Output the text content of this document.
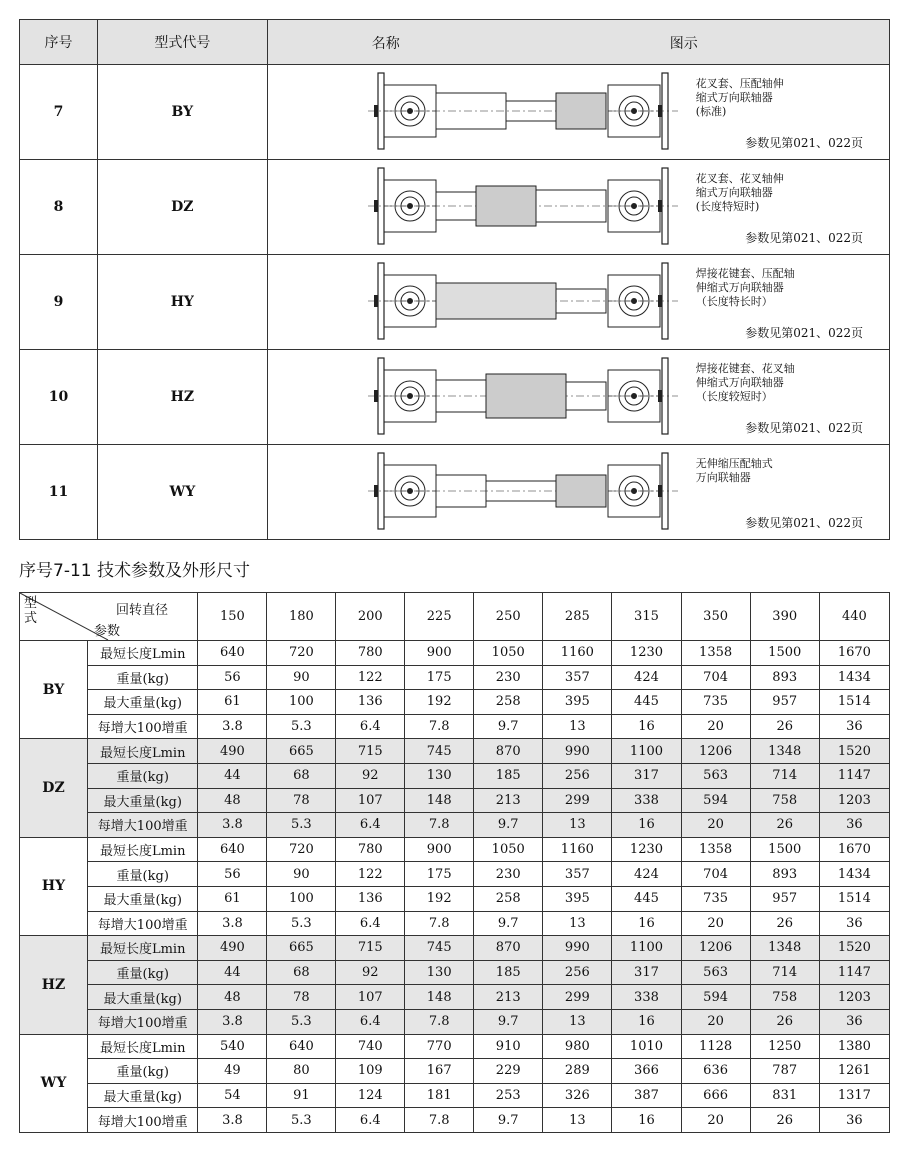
序号	型式代号	名称 图示

7	BY	花叉套、压配轴伸
缩式万向联轴器
(标准)
参数见第021、022页

8	DZ	花叉套、花叉轴伸
缩式万向联轴器
(长度特短时)
参数见第021、022页

9	HY	焊接花键套、压配轴
伸缩式万向联轴器
（长度特长时）
参数见第021、022页

10	HZ	焊接花键套、花叉轴
伸缩式万向联轴器
（长度较短时）
参数见第021、022页

11	WY	无伸缩压配轴式
万向联轴器
参数见第021、022页
序号7-11 技术参数及外形尺寸
型
式
回转直径
参数		150	180	200	225	250	285	315	350	390	440
BY	最短长度Lmin	640	720	780	900	1050	1160	1230	1358	1500	1670
	重量(kg)	56	90	122	175	230	357	424	704	893	1434
	最大重量(kg)	61	100	136	192	258	395	445	735	957	1514
	每增大100增重	3.8	5.3	6.4	7.8	9.7	13	16	20	26	36
DZ	最短长度Lmin	490	665	715	745	870	990	1100	1206	1348	1520
	重量(kg)	44	68	92	130	185	256	317	563	714	1147
	最大重量(kg)	48	78	107	148	213	299	338	594	758	1203
	每增大100增重	3.8	5.3	6.4	7.8	9.7	13	16	20	26	36
HY	最短长度Lmin	640	720	780	900	1050	1160	1230	1358	1500	1670
	重量(kg)	56	90	122	175	230	357	424	704	893	1434
	最大重量(kg)	61	100	136	192	258	395	445	735	957	1514
	每增大100增重	3.8	5.3	6.4	7.8	9.7	13	16	20	26	36
HZ	最短长度Lmin	490	665	715	745	870	990	1100	1206	1348	1520
	重量(kg)	44	68	92	130	185	256	317	563	714	1147
	最大重量(kg)	48	78	107	148	213	299	338	594	758	1203
	每增大100增重	3.8	5.3	6.4	7.8	9.7	13	16	20	26	36
WY	最短长度Lmin	540	640	740	770	910	980	1010	1128	1250	1380
	重量(kg)	49	80	109	167	229	289	366	636	787	1261
	最大重量(kg)	54	91	124	181	253	326	387	666	831	1317
	每增大100增重	3.8	5.3	6.4	7.8	9.7	13	16	20	26	36
